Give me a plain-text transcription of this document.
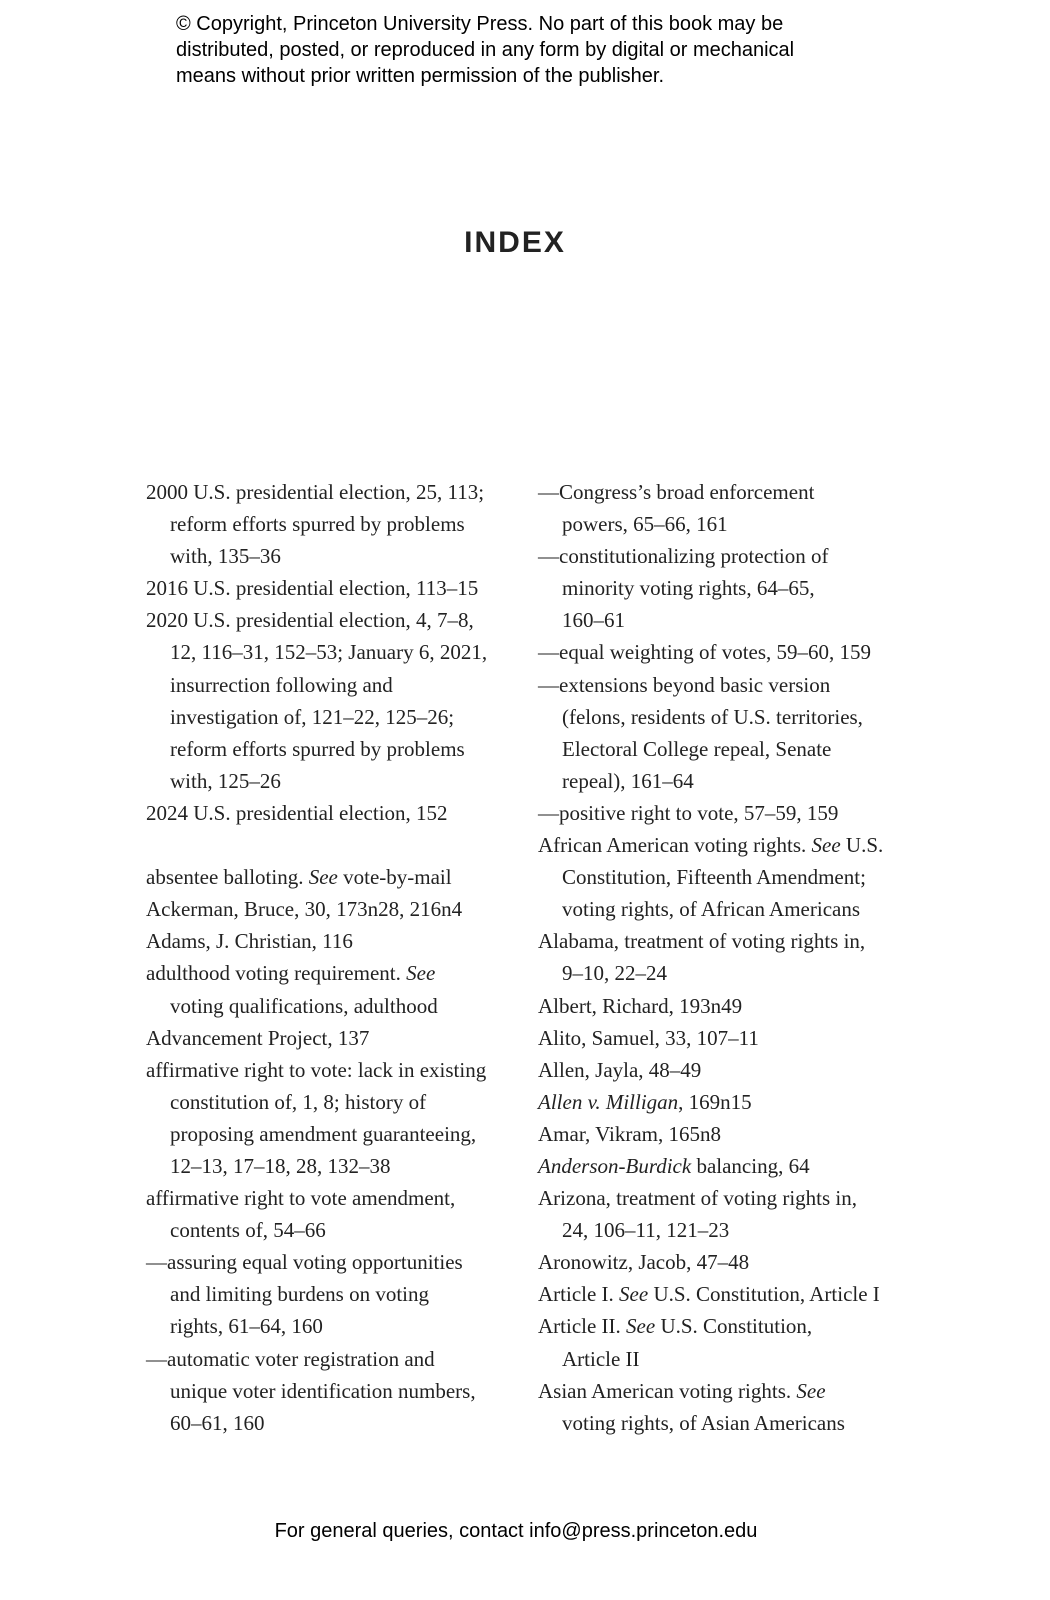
© Copyright, Princeton University Press. No part of this book may be
distributed, posted, or reproduced in any form by digital or mechanical
means without prior written permission of the publisher.
INDEX
2000 U.S. presidential election, 25, 113;
reform efforts spurred by problems
with, 135–36
2016 U.S. presidential election, 113–15
2020 U.S. presidential election, 4, 7–8,
12, 116–31, 152–53; January 6, 2021,
insurrection following and
investigation of, 121–22, 125–26;
reform efforts spurred by problems
with, 125–26
2024 U.S. presidential election, 152
absentee balloting. See vote-by-mail
Ackerman, Bruce, 30, 173n28, 216n4
Adams, J. Christian, 116
adulthood voting requirement. See
voting qualifications, adulthood
Advancement Project, 137
affirmative right to vote: lack in existing
constitution of, 1, 8; history of
proposing amendment guaranteeing,
12–13, 17–18, 28, 132–38
affirmative right to vote amendment,
contents of, 54–66
—assuring equal voting opportunities
and limiting burdens on voting
rights, 61–64, 160
—automatic voter registration and
unique voter identification numbers,
60–61, 160
—Congress’s broad enforcement
powers, 65–66, 161
—constitutionalizing protection of
minority voting rights, 64–65,
160–61
—equal weighting of votes, 59–60, 159
—extensions beyond basic version
(felons, residents of U.S. territories,
Electoral College repeal, Senate
repeal), 161–64
—positive right to vote, 57–59, 159
African American voting rights. See U.S.
Constitution, Fifteenth Amendment;
voting rights, of African Americans
Alabama, treatment of voting rights in,
9–10, 22–24
Albert, Richard, 193n49
Alito, Samuel, 33, 107–11
Allen, Jayla, 48–49
Allen v. Milligan, 169n15
Amar, Vikram, 165n8
Anderson-Burdick balancing, 64
Arizona, treatment of voting rights in,
24, 106–11, 121–23
Aronowitz, Jacob, 47–48
Article I. See U.S. Constitution, Article I
Article II. See U.S. Constitution,
Article II
Asian American voting rights. See
voting rights, of Asian Americans
For general queries, contact info@press.princeton.edu
